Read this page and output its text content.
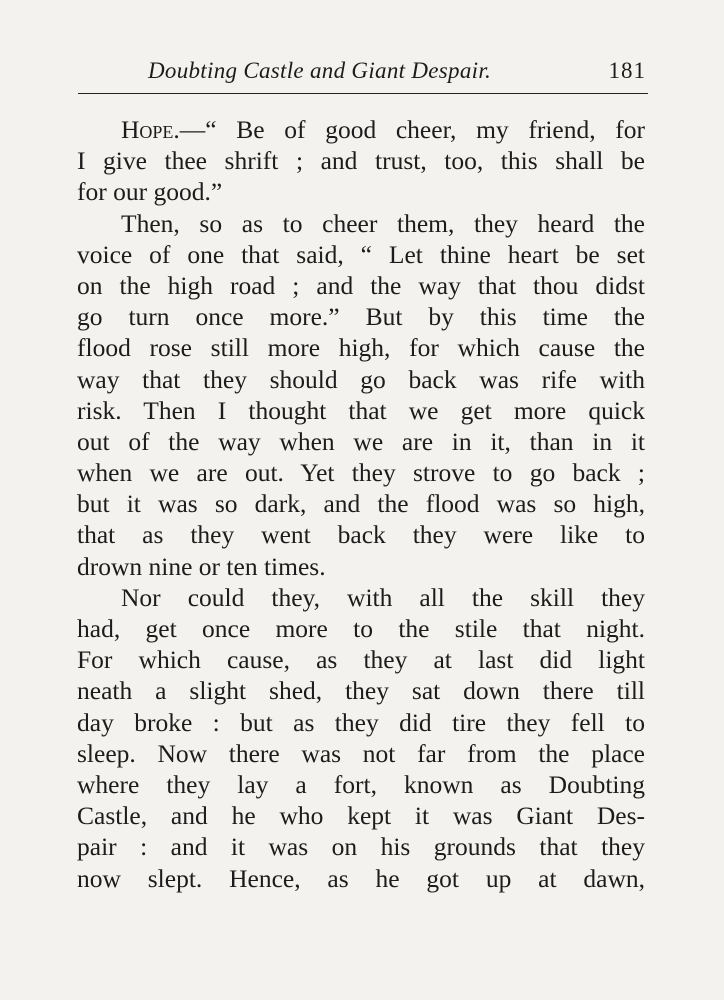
Doubting Castle and Giant Despair.	181
Hope.—“ Be of good cheer, my friend, for
I give thee shrift ; and trust, too, this shall be
for our good.”
Then, so as to cheer them, they heard the
voice of one that said, “ Let thine heart be set
on the high road ; and the way that thou didst
go turn once more.” But by this time the
flood rose still more high, for which cause the
way that they should go back was rife with
risk. Then I thought that we get more quick
out of the way when we are in it, than in it
when we are out. Yet they strove to go back ;
but it was so dark, and the flood was so high,
that as they went back they were like to
drown nine or ten times.
Nor could they, with all the skill they
had, get once more to the stile that night.
For which cause, as they at last did light
neath a slight shed, they sat down there till
day broke : but as they did tire they fell to
sleep. Now there was not far from the place
where they lay a fort, known as Doubting
Castle, and he who kept it was Giant Des-
pair : and it was on his grounds that they
now slept. Hence, as he got up at dawn,
